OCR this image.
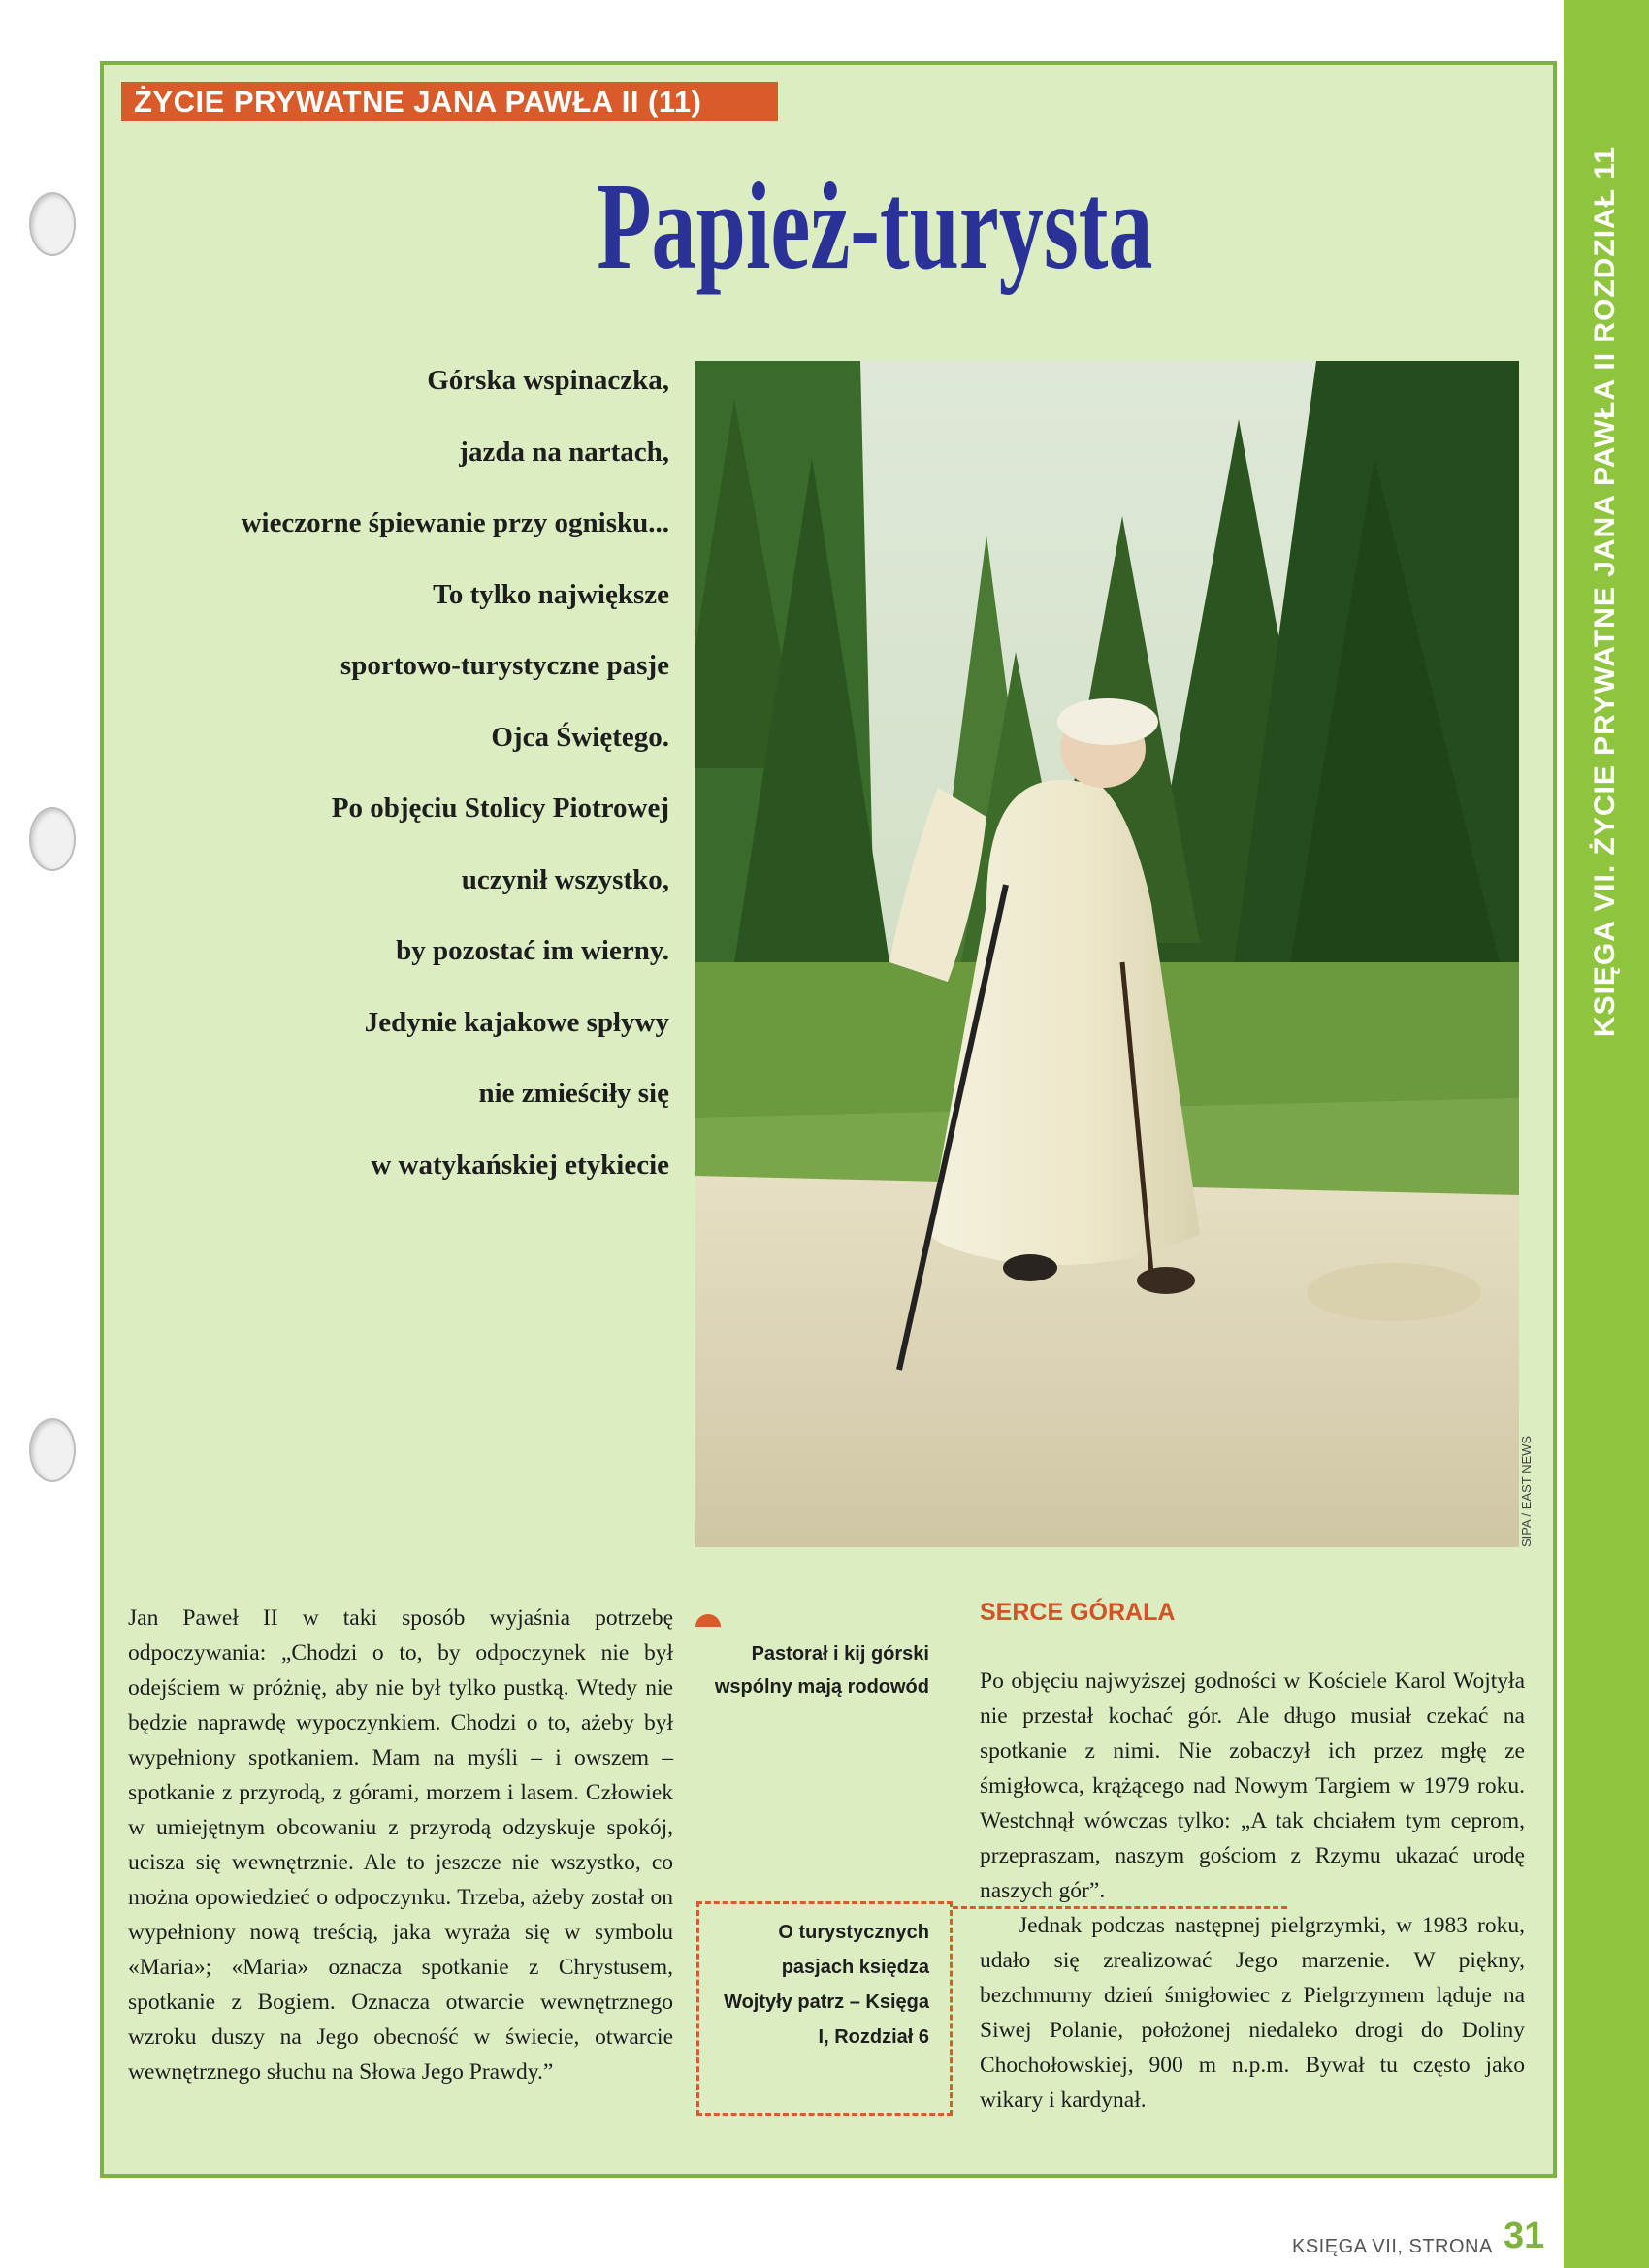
KSIĘGA VII. ŻYCIE PRYWATNE JANA PAWŁA II ROZDZIAŁ 11
ŻYCIE PRYWATNE JANA PAWŁA II (11)
Papież-turysta
Górska wspinaczka,
jazda na nartach,
wieczorne śpiewanie przy ognisku...
To tylko największe
sportowo-turystyczne pasje
Ojca Świętego.
Po objęciu Stolicy Piotrowej
uczynił wszystko,
by pozostać im wierny.
Jedynie kajakowe spływy
nie zmieściły się
w watykańskiej etykiecie
SIPA / EAST NEWS
Jan Paweł II w taki sposób wyjaśnia potrzebę odpoczywania: „Chodzi o to, by odpoczynek nie był odejściem w próżnię, aby nie był tylko pustką. Wtedy nie będzie naprawdę wypoczynkiem. Chodzi o to, ażeby był wypełniony spotkaniem. Mam na myśli – i owszem – spotkanie z przyrodą, z górami, morzem i lasem. Człowiek w umiejętnym obcowaniu z przyrodą odzyskuje spokój, ucisza się wewnętrznie. Ale to jeszcze nie wszystko, co można opowiedzieć o odpoczynku. Trzeba, ażeby został on wypełniony nową treścią, jaka wyraża się w symbolu «Maria»; «Maria» oznacza spotkanie z Chrystusem, spotkanie z Bogiem. Oznacza otwarcie wewnętrznego wzroku duszy na Jego obecność w świecie, otwarcie wewnętrznego słuchu na Słowa Jego Prawdy.”
Pastorał i kij górski wspólny mają rodowód
O turystycznych pasjach księdza Wojtyły patrz – Księga I, Rozdział 6
SERCE GÓRALA

Po objęciu najwyższej godności w Kościele Karol Wojtyła nie przestał kochać gór. Ale długo musiał czekać na spotkanie z nimi. Nie zobaczył ich przez mgłę ze śmigłowca, krążącego nad Nowym Targiem w 1979 roku. Westchnął wówczas tylko: „A tak chciałem tym ceprom, przepraszam, naszym gościom z Rzymu ukazać urodę naszych gór”.

Jednak podczas następnej pielgrzymki, w 1983 roku, udało się zrealizować Jego marzenie. W piękny, bezchmurny dzień śmigłowiec z Pielgrzymem ląduje na Siwej Polanie, położonej niedaleko drogi do Doliny Chochołowskiej, 900 m n.p.m. Bywał tu często jako wikary i kardynał.

KSIĘGA VII, STRONA 31
